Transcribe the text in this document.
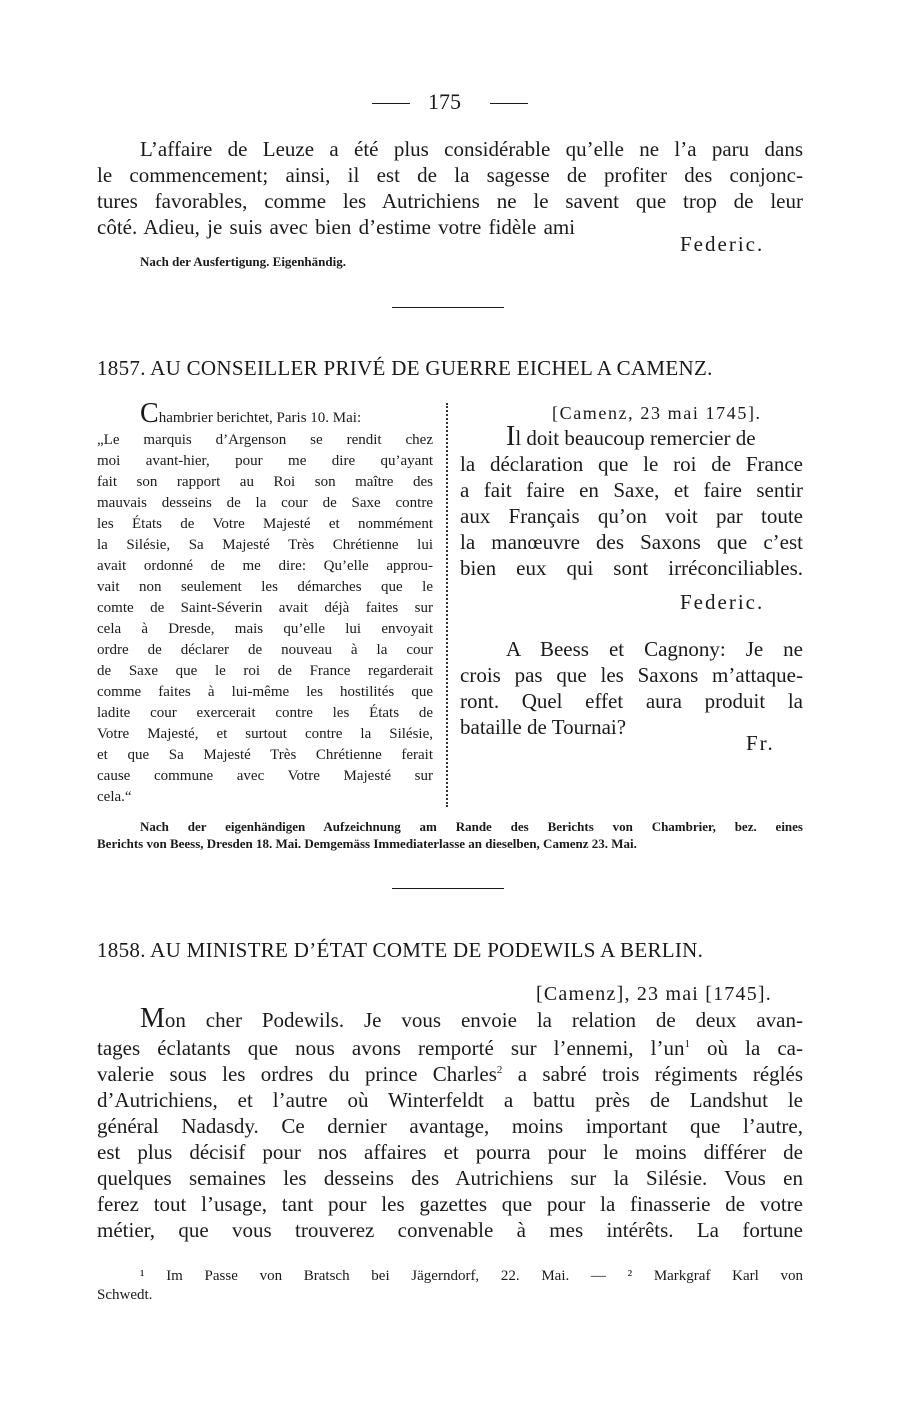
175
L’affaire de Leuze a été plus considérable qu’elle ne l’a paru dans
le commencement; ainsi, il est de la sagesse de profiter des conjonc-
tures favorables, comme les Autrichiens ne le savent que trop de leur
côté. Adieu, je suis avec bien d’estime votre fidèle ami
Federic.
Nach der Ausfertigung. Eigenhändig.
1857. AU CONSEILLER PRIVÉ DE GUERRE EICHEL A CAMENZ.
Chambrier berichtet, Paris 10. Mai:
„Le marquis d’Argenson se rendit chez
moi avant-hier, pour me dire qu’ayant
fait son rapport au Roi son maître des
mauvais desseins de la cour de Saxe contre
les États de Votre Majesté et nommément
la Silésie, Sa Majesté Très Chrétienne lui
avait ordonné de me dire: Qu’elle approu-
vait non seulement les démarches que le
comte de Saint-Séverin avait déjà faites sur
cela à Dresde, mais qu’elle lui envoyait
ordre de déclarer de nouveau à la cour
de Saxe que le roi de France regarderait
comme faites à lui-même les hostilités que
ladite cour exercerait contre les États de
Votre Majesté, et surtout contre la Silésie,
et que Sa Majesté Très Chrétienne ferait
cause commune avec Votre Majesté sur
cela.“
[Camenz, 23 mai 1745].
Il doit beaucoup remercier de
la déclaration que le roi de France
a fait faire en Saxe, et faire sentir
aux Français qu’on voit par toute
la manœuvre des Saxons que c’est
bien eux qui sont irréconciliables.
Federic.
A Beess et Cagnony: Je ne
crois pas que les Saxons m’attaque-
ront. Quel effet aura produit la
bataille de Tournai?
Fr.
Nach der eigenhändigen Aufzeichnung am Rande des Berichts von Chambrier, bez. eines
Berichts von Beess, Dresden 18. Mai. Demgemäss Immediaterlasse an dieselben, Camenz 23. Mai.
1858. AU MINISTRE D’ÉTAT COMTE DE PODEWILS A BERLIN.
[Camenz], 23 mai [1745].
Mon cher Podewils. Je vous envoie la relation de deux avan-
tages éclatants que nous avons remporté sur l’ennemi, $l’un^1$ où la ca-
valerie sous les ordres du prince Charles$^2$ a sabré trois régiments réglés
d’Autrichiens, et l’autre où Winterfeldt a battu près de Landshut le
général Nadasdy. Ce dernier avantage, moins important que l’autre,
est plus décisif pour nos affaires et pourra pour le moins différer de
quelques semaines les desseins des Autrichiens sur la Silésie. Vous en
ferez tout l’usage, tant pour les gazettes que pour la finasserie de votre
métier, que vous trouverez convenable à mes intérêts. La fortune
¹ Im Passe von Bratsch bei Jägerndorf, 22. Mai. — ² Markgraf Karl von
Schwedt.
